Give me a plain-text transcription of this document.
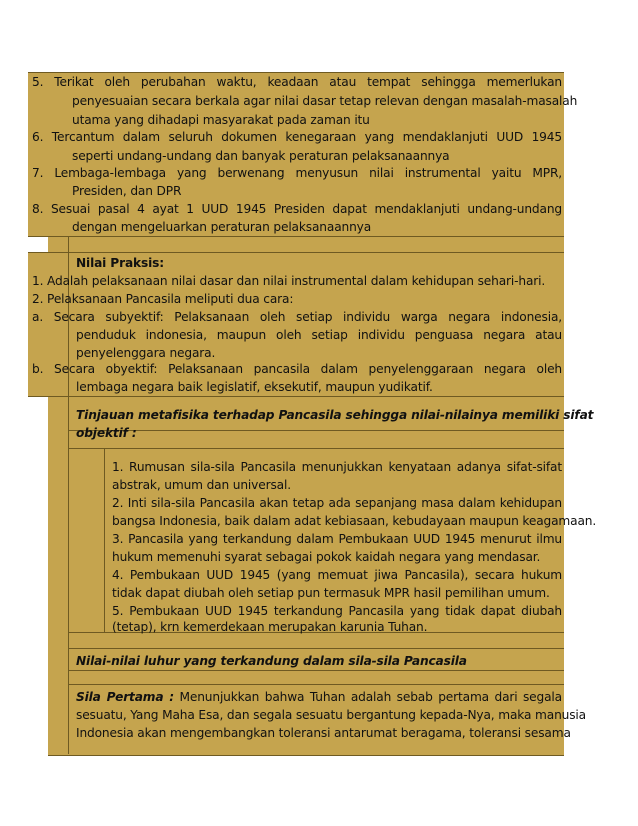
5. Terikat oleh perubahan waktu, keadaan atau tempat sehingga memerlukan
penyesuaian secara berkala agar nilai dasar tetap relevan dengan masalah-masalah
utama yang dihadapi masyarakat pada zaman itu
6. Tercantum dalam seluruh dokumen kenegaraan yang mendaklanjuti UUD 1945
seperti undang-undang dan banyak peraturan pelaksanaannya
7. Lembaga-lembaga yang berwenang menyusun nilai instrumental yaitu MPR,
Presiden, dan DPR
8. Sesuai pasal 4 ayat 1 UUD 1945 Presiden dapat mendaklanjuti undang-undang
dengan mengeluarkan peraturan pelaksanaannya
Nilai Praksis:
1. Adalah pelaksanaan nilai dasar dan nilai instrumental dalam kehidupan sehari-hari.
2. Pelaksanaan Pancasila meliputi dua cara:
a. Secara subyektif: Pelaksanaan oleh setiap individu warga negara indonesia,
penduduk indonesia, maupun oleh setiap individu penguasa negara atau
penyelenggara negara.
b. Secara obyektif: Pelaksanaan pancasila dalam penyelenggaraan negara oleh
lembaga negara baik legislatif, eksekutif, maupun yudikatif.
Tinjauan metafisika terhadap Pancasila sehingga nilai-nilainya memiliki sifat
objektif :
1. Rumusan sila-sila Pancasila menunjukkan kenyataan adanya sifat-sifat
abstrak, umum dan universal.
2. Inti sila-sila Pancasila akan tetap ada sepanjang masa dalam kehidupan
bangsa Indonesia, baik dalam adat kebiasaan, kebudayaan maupun keagamaan.
3. Pancasila yang terkandung dalam Pembukaan UUD 1945 menurut ilmu
hukum memenuhi syarat sebagai pokok kaidah negara yang mendasar.
4. Pembukaan UUD 1945 (yang memuat jiwa Pancasila), secara hukum
tidak dapat diubah oleh setiap pun termasuk MPR hasil pemilihan umum.
5. Pembukaan UUD 1945 terkandung Pancasila yang tidak dapat diubah
(tetap), krn kemerdekaan merupakan karunia Tuhan.
Nilai-nilai luhur yang terkandung dalam sila-sila Pancasila
Sila Pertama : Menunjukkan bahwa Tuhan adalah sebab pertama dari segala
sesuatu, Yang Maha Esa, dan segala sesuatu bergantung kepada-Nya, maka manusia
Indonesia akan mengembangkan toleransi antarumat beragama, toleransi sesama
